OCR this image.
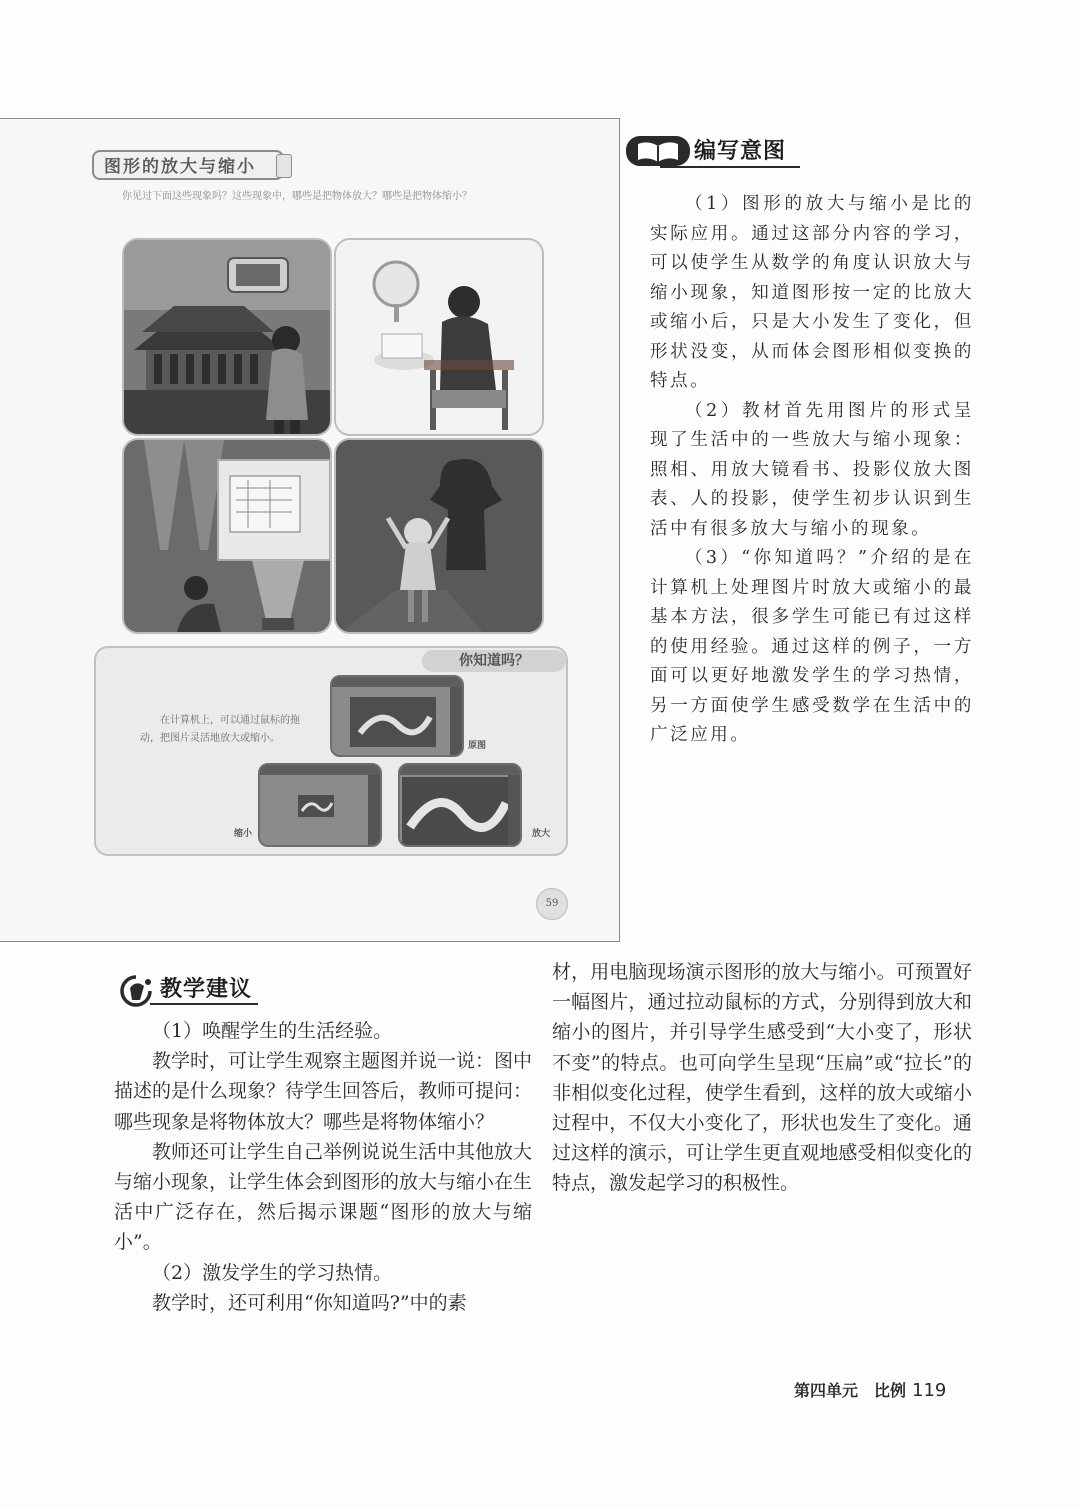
图形的放大与缩小
你见过下面这些现象吗？这些现象中，哪些是把物体放大？哪些是把物体缩小？
你知道吗？
在计算机上，可以通过鼠标的拖动，把图片灵活地放大或缩小。
原图
缩小	放大
59
编写意图

（1）图形的放大与缩小是比的实际应用。通过这部分内容的学习，可以使学生从数学的角度认识放大与缩小现象，知道图形按一定的比放大或缩小后，只是大小发生了变化，但形状没变，从而体会图形相似变换的特点。

（2）教材首先用图片的形式呈现了生活中的一些放大与缩小现象：照相、用放大镜看书、投影仪放大图表、人的投影，使学生初步认识到生活中有很多放大与缩小的现象。

（3）“你知道吗？”介绍的是在计算机上处理图片时放大或缩小的最基本方法，很多学生可能已有过这样的使用经验。通过这样的例子，一方面可以更好地激发学生的学习热情，另一方面使学生感受数学在生活中的广泛应用。

教学建议

（1）唤醒学生的生活经验。

教学时，可让学生观察主题图并说一说：图中描述的是什么现象？待学生回答后，教师可提问：哪些现象是将物体放大？哪些是将物体缩小？

教师还可让学生自己举例说说生活中其他放大与缩小现象，让学生体会到图形的放大与缩小在生活中广泛存在，然后揭示课题“图形的放大与缩小”。

（2）激发学生的学习热情。

教学时，还可利用“你知道吗?”中的素

材，用电脑现场演示图形的放大与缩小。可预置好一幅图片，通过拉动鼠标的方式，分别得到放大和缩小的图片，并引导学生感受到“大小变了，形状不变”的特点。也可向学生呈现“压扁”或“拉长”的非相似变化过程，使学生看到，这样的放大或缩小过程中，不仅大小变化了，形状也发生了变化。通过这样的演示，可让学生更直观地感受相似变化的特点，激发起学习的积极性。

第四单元　比例 119
